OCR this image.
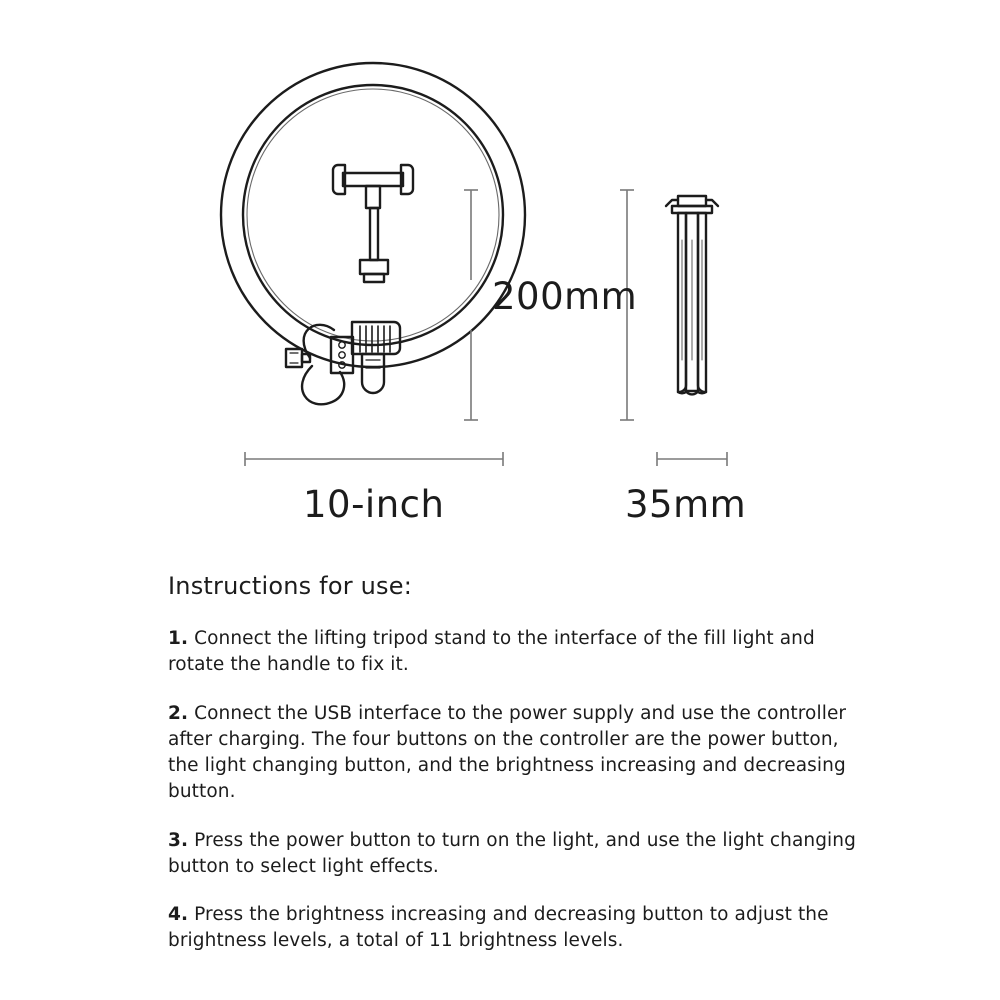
200mm
10-inch	35mm
Instructions for use:

1. Connect the lifting tripod stand to the interface of the fill light and rotate the handle to fix it.

2. Connect the USB interface to the power supply and use the controller after charging. The four buttons on the controller are the power button, the light changing button, and the brightness increasing and decreasing button.

3. Press the power button to turn on the light, and use the light changing button to select light effects.

4. Press the brightness increasing and decreasing button to adjust the brightness levels, a total of 11 brightness levels.
